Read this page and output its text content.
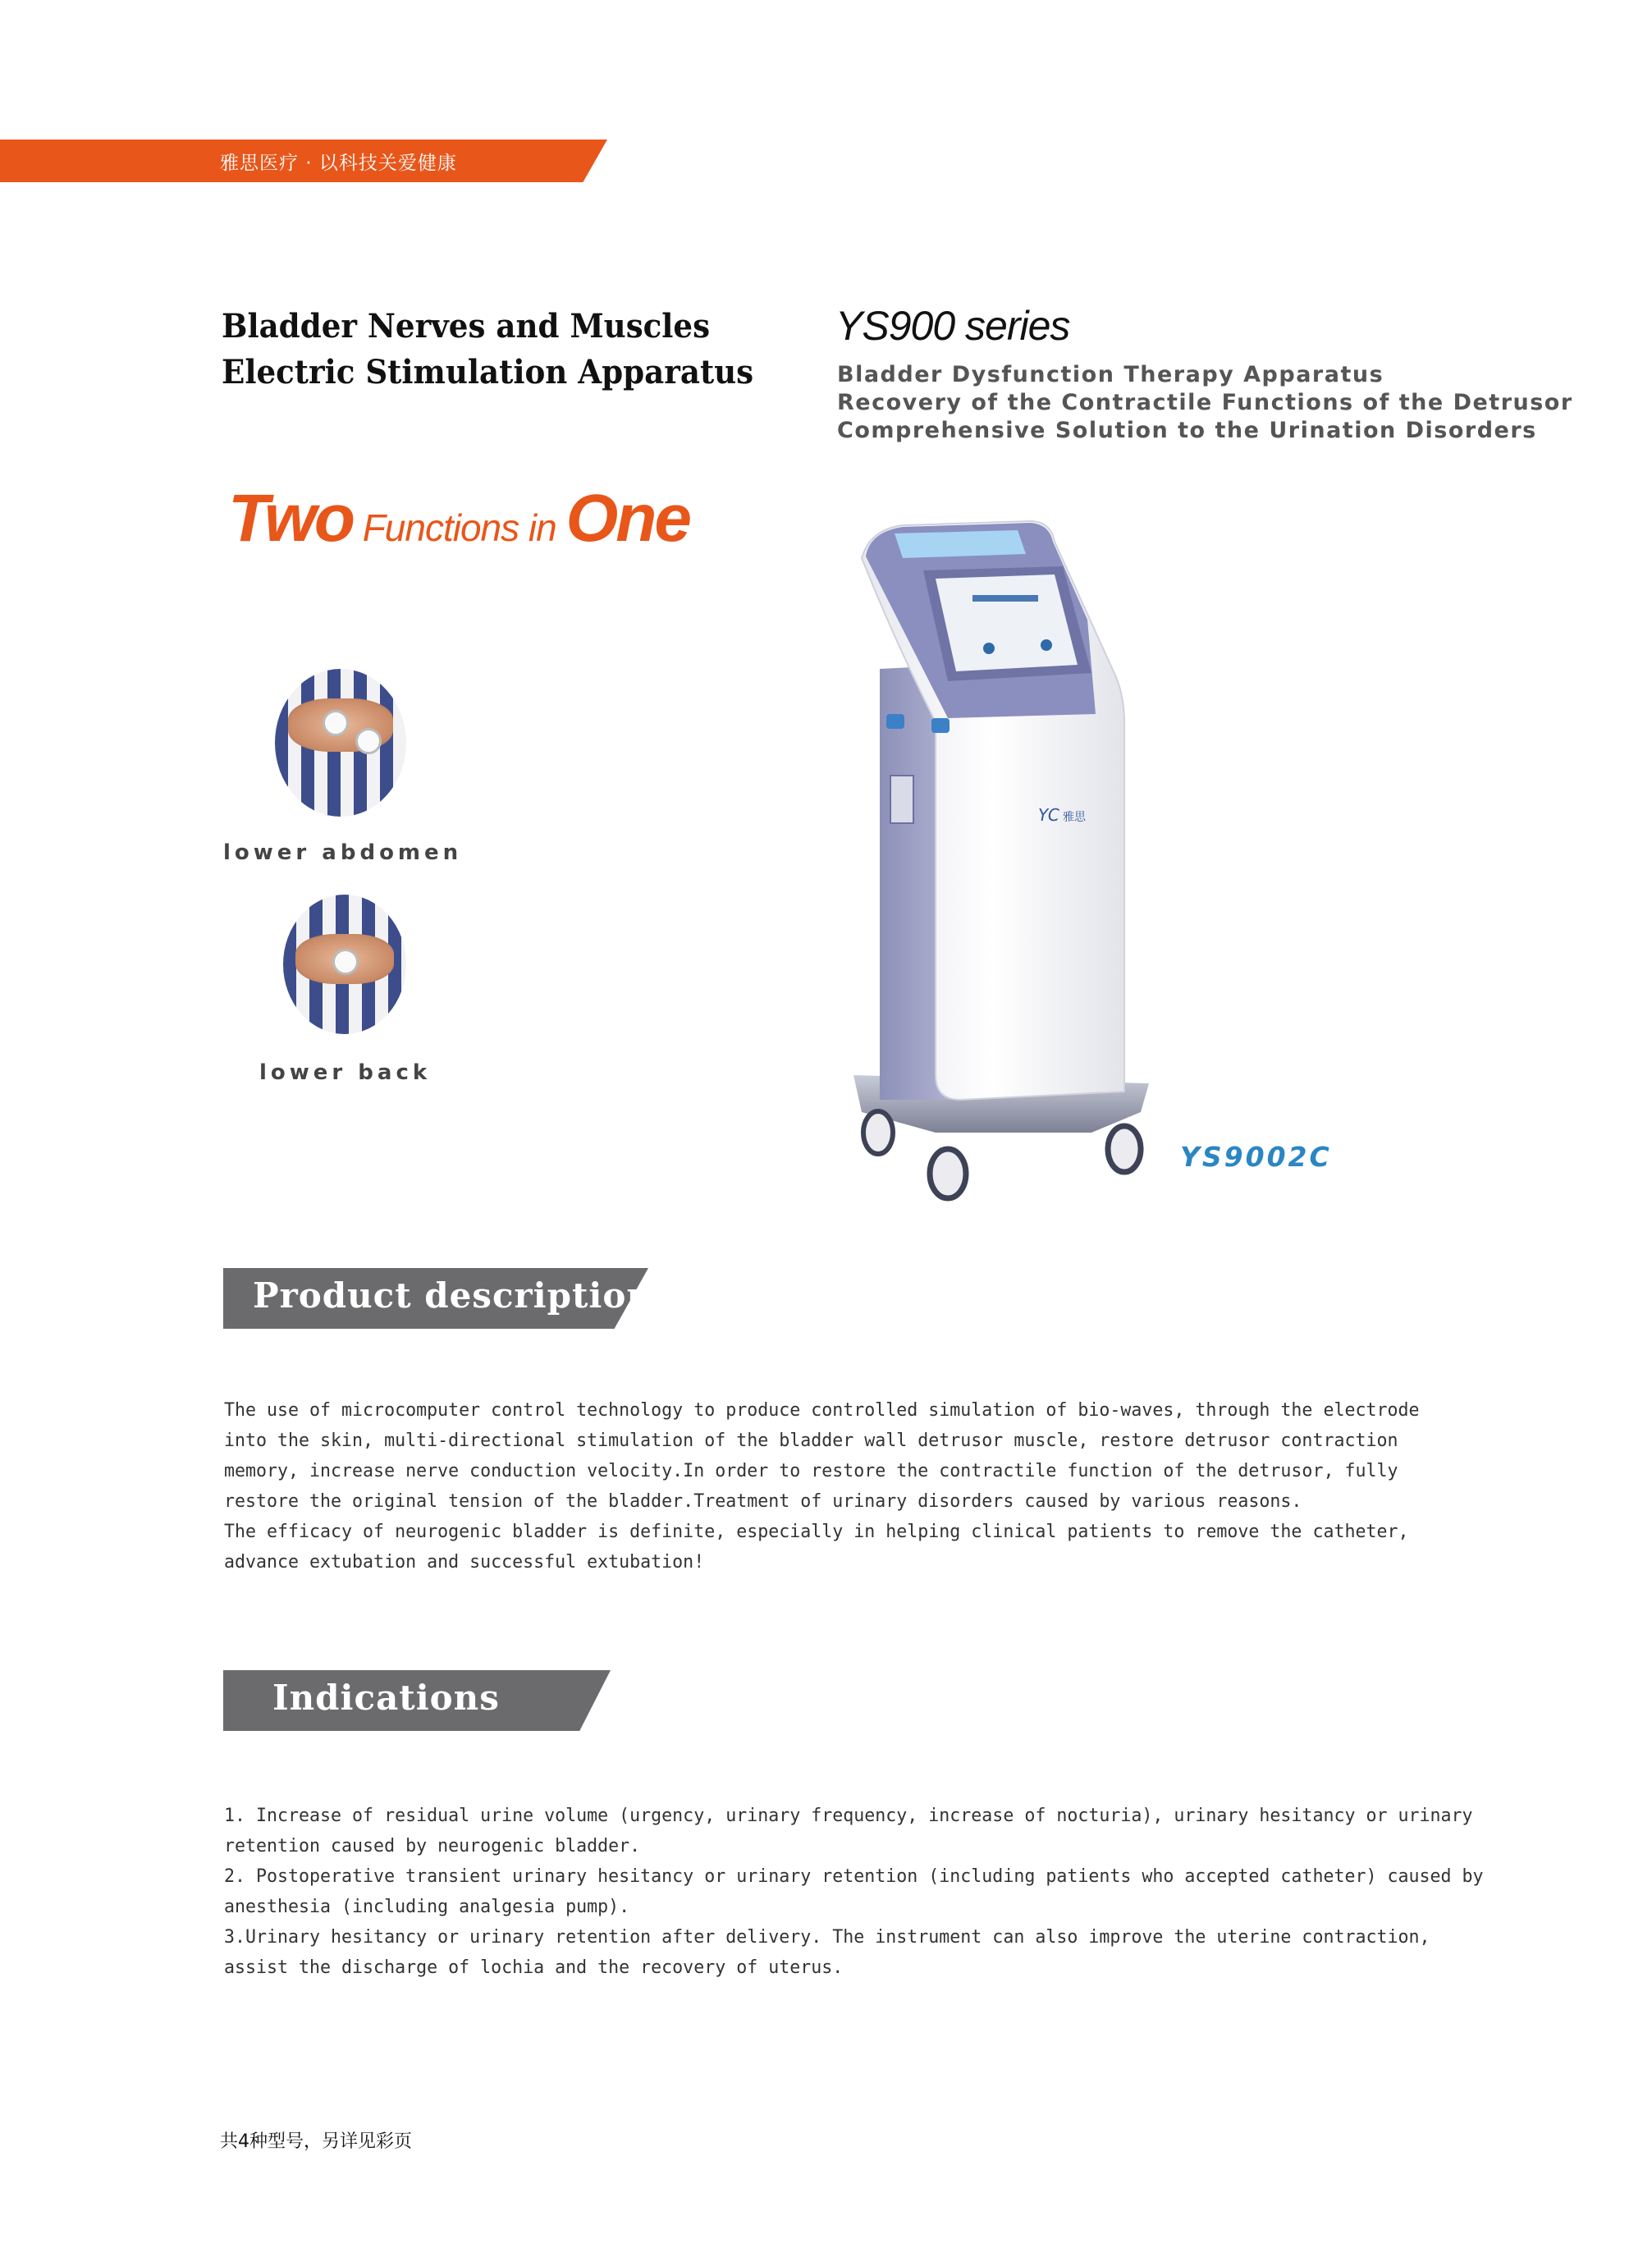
雅思医疗 · 以科技关爱健康
Bladder Nerves and Muscles
Electric Stimulation Apparatus
YS900 series
Bladder Dysfunction Therapy Apparatus
Recovery of the Contractile Functions of the Detrusor
Comprehensive Solution to the Urination Disorders
Two Functions in One
lower abdomen
lower back
YC 雅思
YS9002C
Product description
The use of microcomputer control technology to produce controlled simulation of bio-waves, through the electrode
into the skin, multi-directional stimulation of the bladder wall detrusor muscle, restore detrusor contraction
memory, increase nerve conduction velocity.In order to restore the contractile function of the detrusor, fully
restore the original tension of the bladder.Treatment of urinary disorders caused by various reasons.
The efficacy of neurogenic bladder is definite, especially in helping clinical patients to remove the catheter,
advance extubation and successful extubation!
Indications
1. Increase of residual urine volume (urgency, urinary frequency, increase of nocturia), urinary hesitancy or urinary
retention caused by neurogenic bladder.
2. Postoperative transient urinary hesitancy or urinary retention (including patients who accepted catheter) caused by
anesthesia (including analgesia pump).
3.Urinary hesitancy or urinary retention after delivery. The instrument can also improve the uterine contraction,
assist the discharge of lochia and the recovery of uterus.
共4种型号，另详见彩页
